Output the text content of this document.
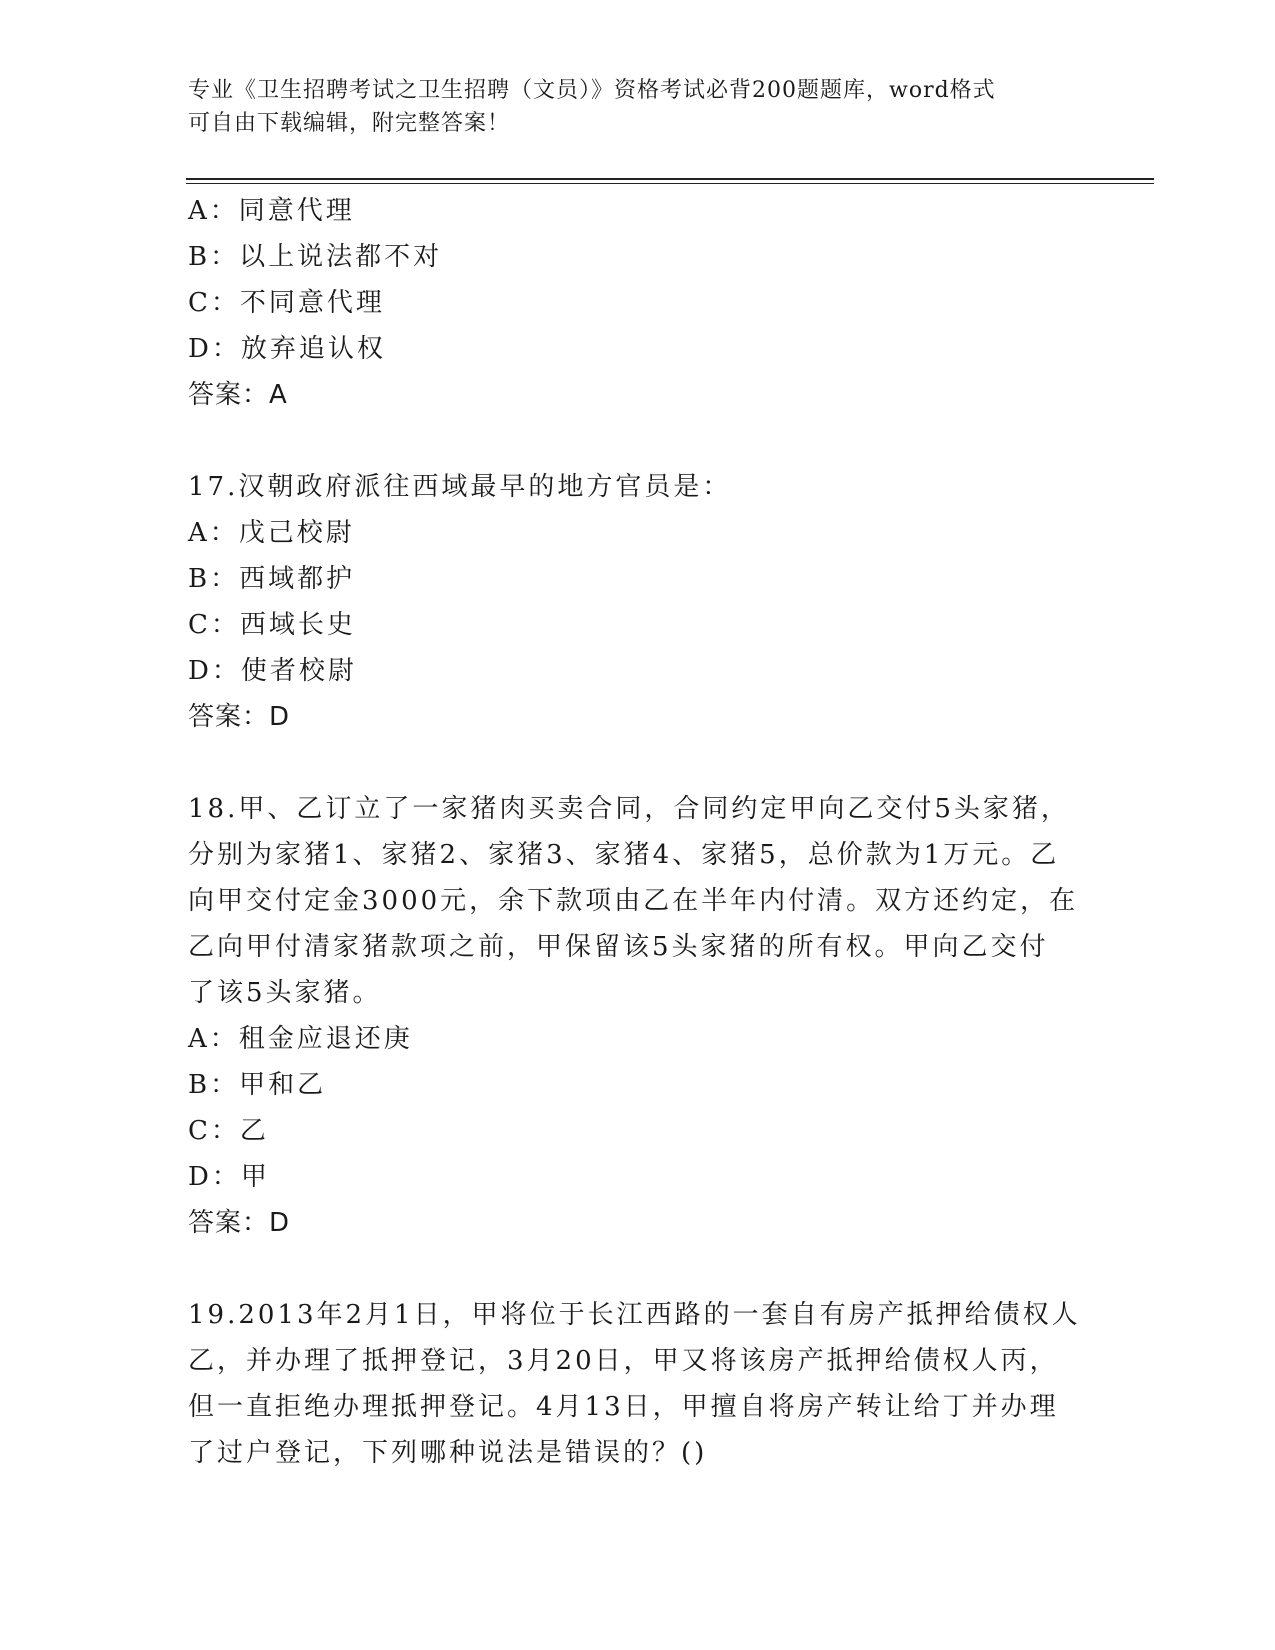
专业《卫生招聘考试之卫生招聘（文员）》资格考试必背200题题库，word格式
可自由下载编辑，附完整答案！
A：同意代理
B：以上说法都不对
C：不同意代理
D：放弃追认权
答案：A
17.汉朝政府派往西域最早的地方官员是：
A：戊己校尉
B：西域都护
C：西域长史
D：使者校尉
答案：D
18.甲、乙订立了一家猪肉买卖合同，合同约定甲向乙交付5头家猪，
分别为家猪1、家猪2、家猪3、家猪4、家猪5，总价款为1万元。乙
向甲交付定金3000元，余下款项由乙在半年内付清。双方还约定，在
乙向甲付清家猪款项之前，甲保留该5头家猪的所有权。甲向乙交付
了该5头家猪。
A：租金应退还庚
B：甲和乙
C：乙
D：甲
答案：D
19.2013年2月1日，甲将位于长江西路的一套自有房产抵押给债权人
乙，并办理了抵押登记，3月20日，甲又将该房产抵押给债权人丙，
但一直拒绝办理抵押登记。4月13日，甲擅自将房产转让给丁并办理
了过户登记，下列哪种说法是错误的？()
